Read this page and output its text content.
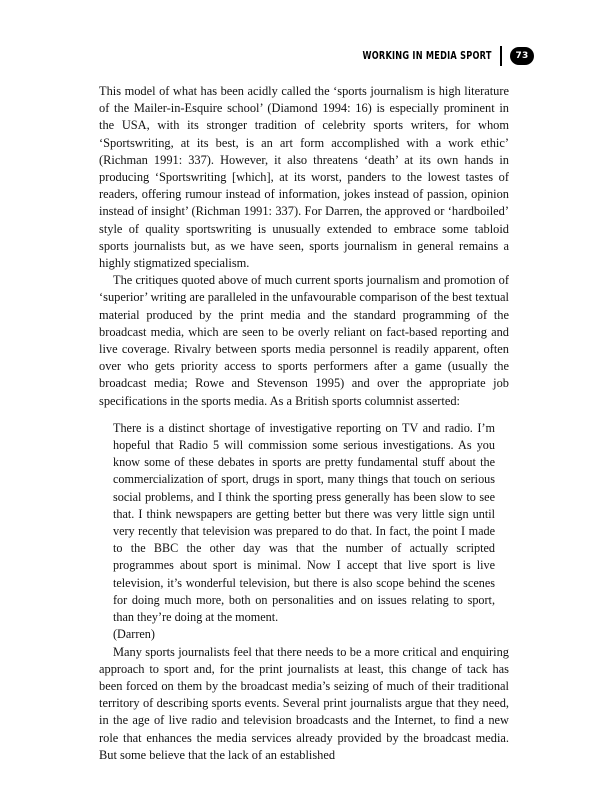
WORKING IN MEDIA SPORT	73

This model of what has been acidly called the ‘sports journalism is high literature of the Mailer-in-Esquire school’ (Diamond 1994: 16) is especially prominent in the USA, with its stronger tradition of celebrity sports writers, for whom ‘Sportswriting, at its best, is an art form accomplished with a work ethic’ (Richman 1991: 337). However, it also threatens ‘death’ at its own hands in producing ‘Sportswriting [which], at its worst, panders to the lowest tastes of readers, offering rumour instead of information, jokes instead of passion, opinion instead of insight’ (Richman 1991: 337). For Darren, the approved or ‘hardboiled’ style of quality sportswriting is unusually extended to embrace some tabloid sports journalists but, as we have seen, sports journalism in general remains a highly stigmatized specialism.

The critiques quoted above of much current sports journalism and promotion of ‘superior’ writing are paralleled in the unfavourable comparison of the best textual material produced by the print media and the standard programming of the broadcast media, which are seen to be overly reliant on fact-based reporting and live coverage. Rivalry between sports media personnel is readily apparent, often over who gets priority access to sports performers after a game (usually the broadcast media; Rowe and Stevenson 1995) and over the appropriate job specifications in the sports media. As a British sports columnist asserted:

There is a distinct shortage of investigative reporting on TV and radio. I’m hopeful that Radio 5 will commission some serious investigations. As you know some of these debates in sports are pretty fundamental stuff about the commercialization of sport, drugs in sport, many things that touch on serious social problems, and I think the sporting press generally has been slow to see that. I think newspapers are getting better but there was very little sign until very recently that television was prepared to do that. In fact, the point I made to the BBC the other day was that the number of actually scripted programmes about sport is minimal. Now I accept that live sport is live television, it’s wonderful television, but there is also scope behind the scenes for doing much more, both on personalities and on issues relating to sport, than they’re doing at the moment.

(Darren)

Many sports journalists feel that there needs to be a more critical and enquiring approach to sport and, for the print journalists at least, this change of tack has been forced on them by the broadcast media’s seizing of much of their traditional territory of describing sports events. Several print journalists argue that they need, in the age of live radio and television broadcasts and the Internet, to find a new role that enhances the media services already provided by the broadcast media. But some believe that the lack of an established
